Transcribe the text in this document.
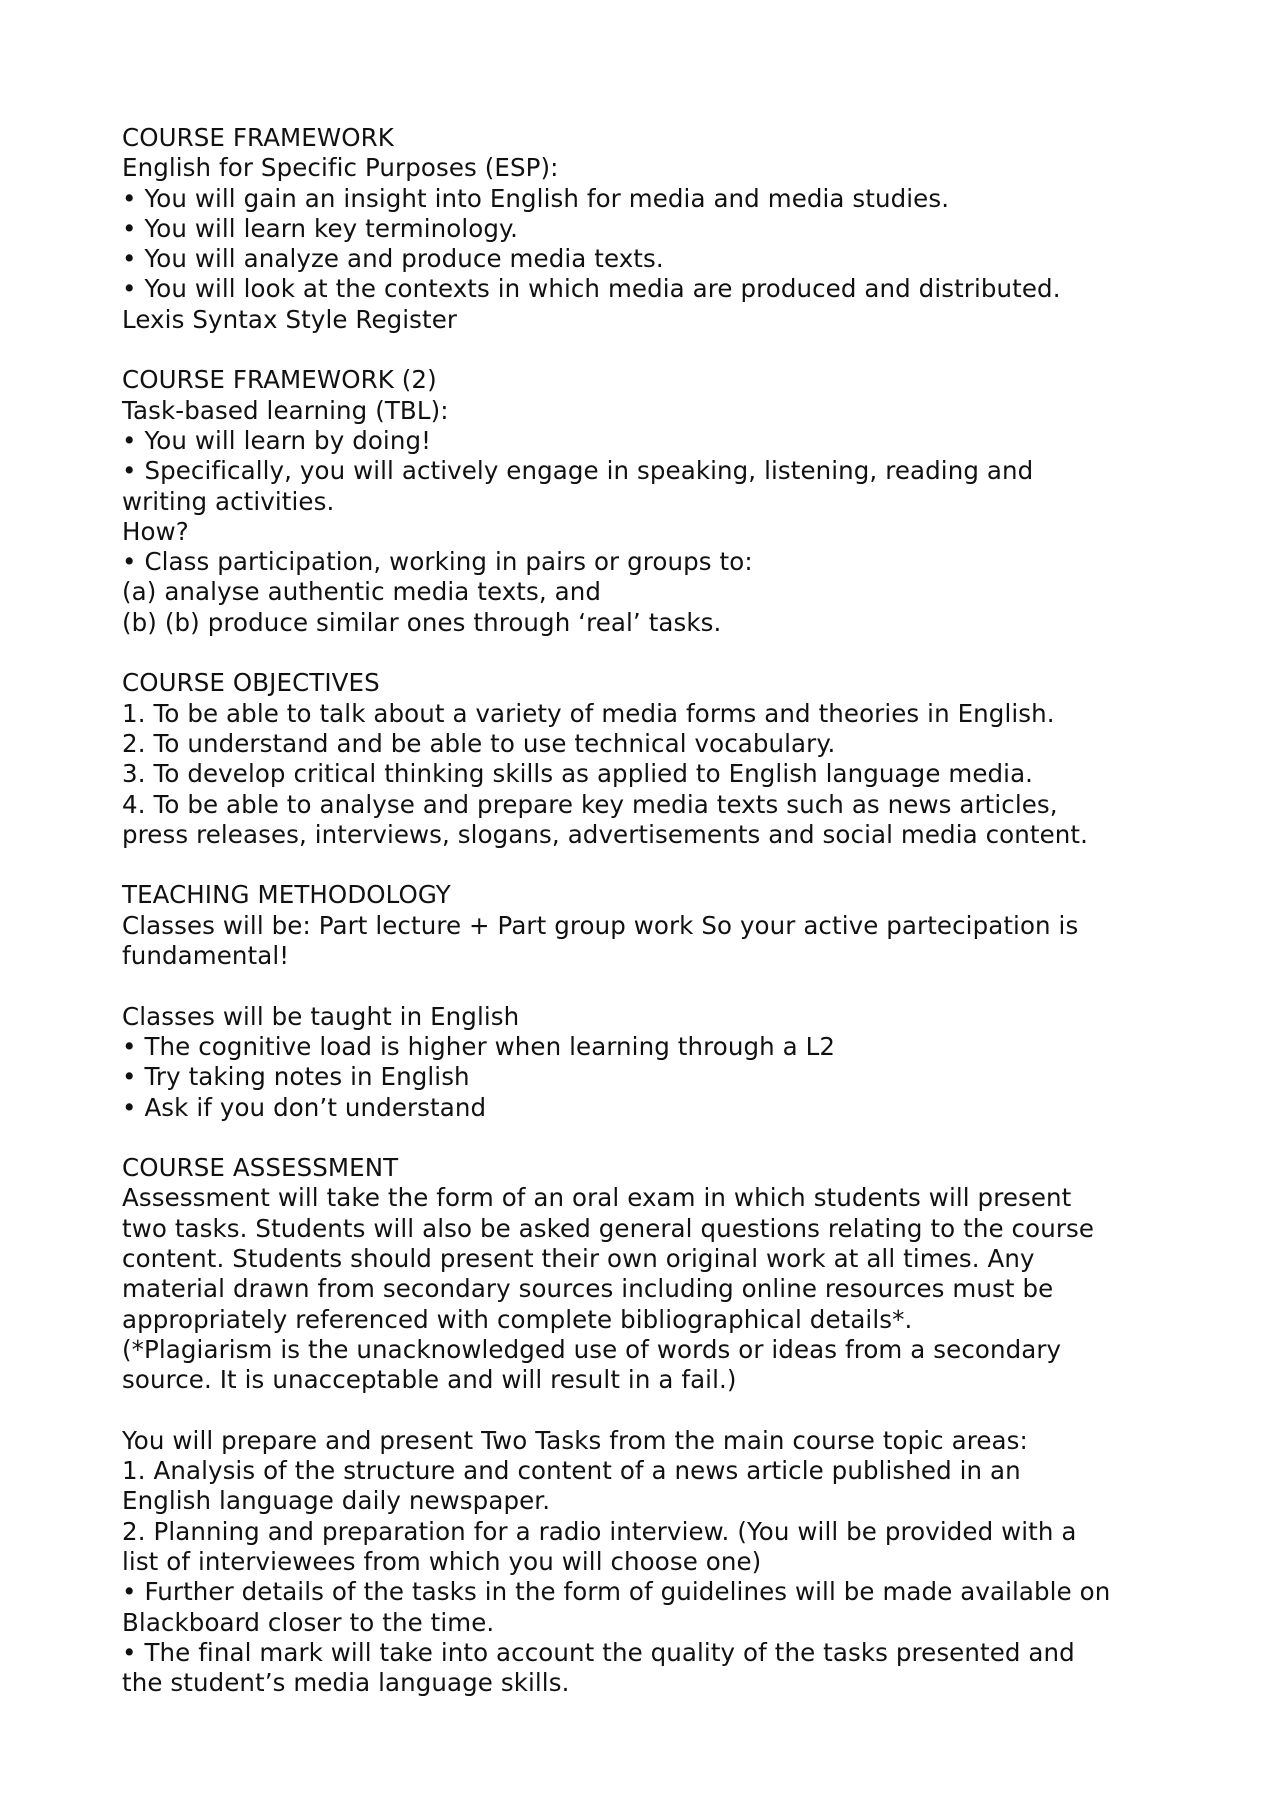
COURSE FRAMEWORK

English for Specific Purposes (ESP):

• You will gain an insight into English for media and media studies.

• You will learn key terminology.

• You will analyze and produce media texts.

• You will look at the contexts in which media are produced and distributed.

Lexis Syntax Style Register

COURSE FRAMEWORK (2)

Task-based learning (TBL):

• You will learn by doing!

• Specifically, you will actively engage in speaking, listening, reading and

writing activities.

How?

• Class participation, working in pairs or groups to:

(a) analyse authentic media texts, and

(b) (b) produce similar ones through ‘real’ tasks.

COURSE OBJECTIVES

1. To be able to talk about a variety of media forms and theories in English.

2. To understand and be able to use technical vocabulary.

3. To develop critical thinking skills as applied to English language media.

4. To be able to analyse and prepare key media texts such as news articles,

press releases, interviews, slogans, advertisements and social media content.

TEACHING METHODOLOGY

Classes will be: Part lecture + Part group work So your active partecipation is

fundamental!

Classes will be taught in English

• The cognitive load is higher when learning through a L2

• Try taking notes in English

• Ask if you don’t understand

COURSE ASSESSMENT

Assessment will take the form of an oral exam in which students will present

two tasks. Students will also be asked general questions relating to the course

content. Students should present their own original work at all times. Any

material drawn from secondary sources including online resources must be

appropriately referenced with complete bibliographical details*.

(*Plagiarism is the unacknowledged use of words or ideas from a secondary

source. It is unacceptable and will result in a fail.)

You will prepare and present Two Tasks from the main course topic areas:

1. Analysis of the structure and content of a news article published in an

English language daily newspaper.

2. Planning and preparation for a radio interview. (You will be provided with a

list of interviewees from which you will choose one)

• Further details of the tasks in the form of guidelines will be made available on

Blackboard closer to the time.

• The final mark will take into account the quality of the tasks presented and

the student’s media language skills.
